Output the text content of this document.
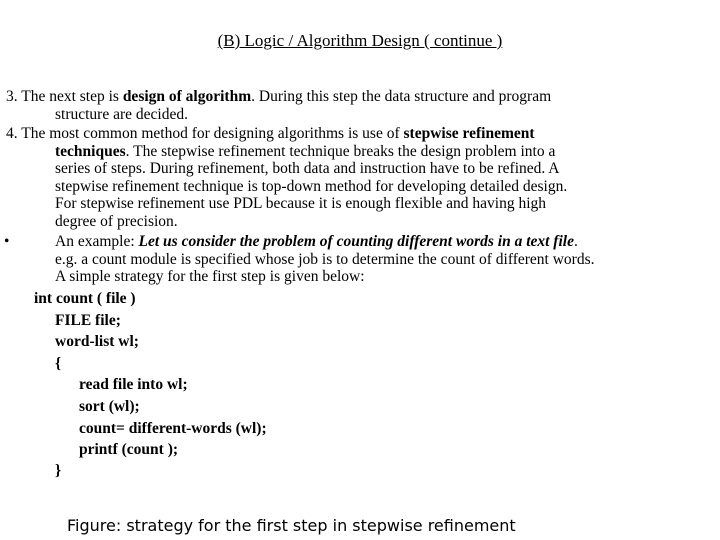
(B) Logic / Algorithm Design ( continue )
3. The next step is design of algorithm. During this step the data structure and program
structure are decided.
4. The most common method for designing algorithms is use of stepwise refinement
techniques. The stepwise refinement technique breaks the design problem into a
series of steps. During refinement, both data and instruction have to be refined. A
stepwise refinement technique is top-down method for developing detailed design.
For stepwise refinement use PDL because it is enough flexible and having high
degree of precision.
•	An example: Let us consider the problem of counting different words in a text file.
e.g. a count module is specified whose job is to determine the count of different words.
A simple strategy for the first step is given below:
int count ( file )
FILE file;
word-list wl;
{
read file into wl;
sort (wl);
count= different-words (wl);
printf (count );
}
Figure: strategy for the first step in stepwise refinement
